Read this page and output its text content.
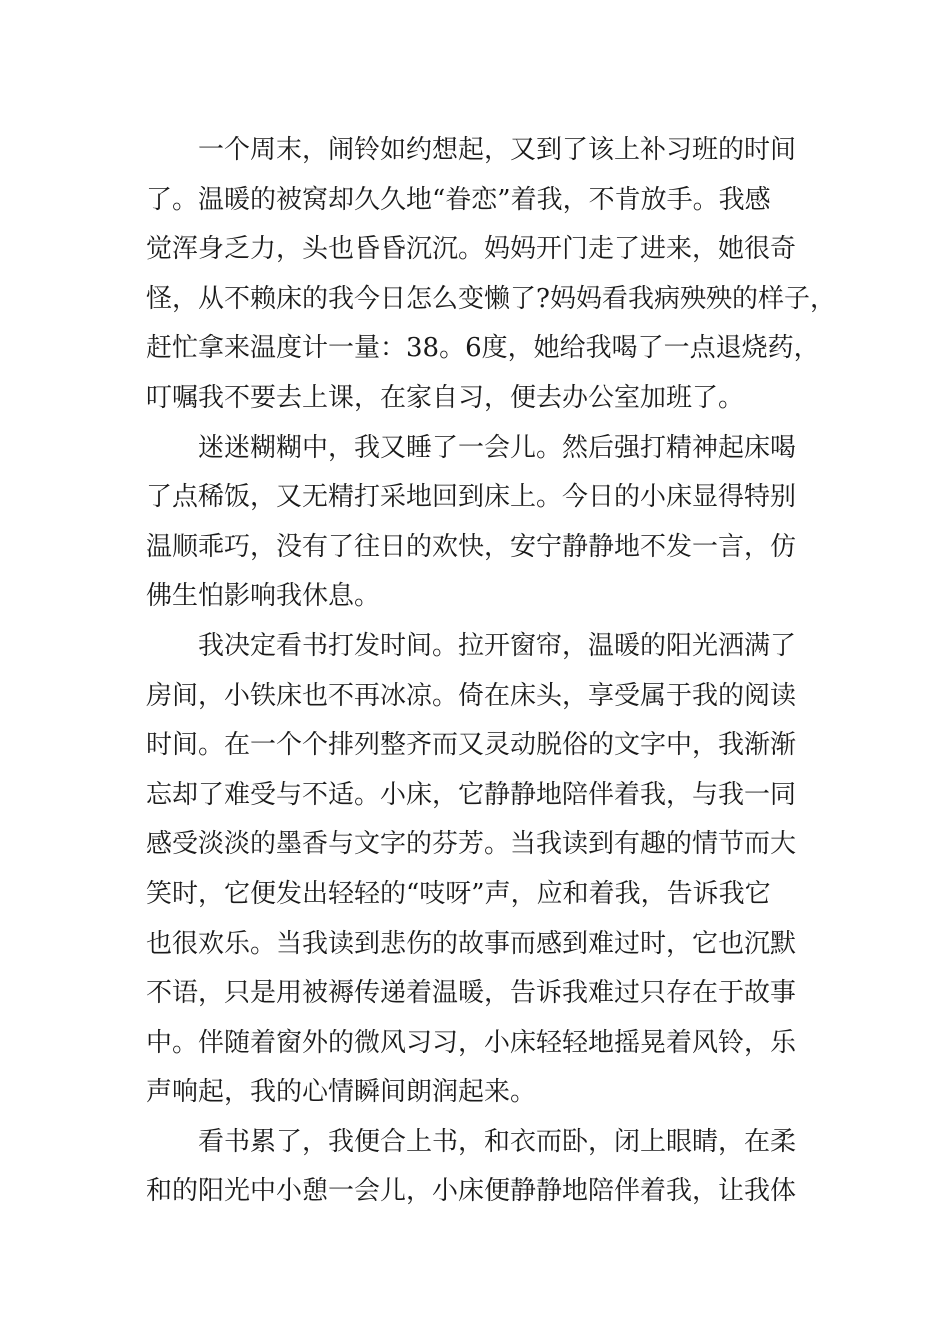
一个周末，闹铃如约想起，又到了该上补习班的时间
了。温暖的被窝却久久地“眷恋”着我，不肯放手。我感
觉浑身乏力，头也昏昏沉沉。妈妈开门走了进来，她很奇
怪，从不赖床的我今日怎么变懒了?妈妈看我病殃殃的样子，
赶忙拿来温度计一量：38。6度，她给我喝了一点退烧药，
叮嘱我不要去上课，在家自习，便去办公室加班了。
迷迷糊糊中，我又睡了一会儿。然后强打精神起床喝
了点稀饭，又无精打采地回到床上。今日的小床显得特别
温顺乖巧，没有了往日的欢快，安宁静静地不发一言，仿
佛生怕影响我休息。
我决定看书打发时间。拉开窗帘，温暖的阳光洒满了
房间，小铁床也不再冰凉。倚在床头，享受属于我的阅读
时间。在一个个排列整齐而又灵动脱俗的文字中，我渐渐
忘却了难受与不适。小床，它静静地陪伴着我，与我一同
感受淡淡的墨香与文字的芬芳。当我读到有趣的情节而大
笑时，它便发出轻轻的“吱呀”声，应和着我，告诉我它
也很欢乐。当我读到悲伤的故事而感到难过时，它也沉默
不语，只是用被褥传递着温暖，告诉我难过只存在于故事
中。伴随着窗外的微风习习，小床轻轻地摇晃着风铃，乐
声响起，我的心情瞬间朗润起来。
看书累了，我便合上书，和衣而卧，闭上眼睛，在柔
和的阳光中小憩一会儿，小床便静静地陪伴着我，让我体
